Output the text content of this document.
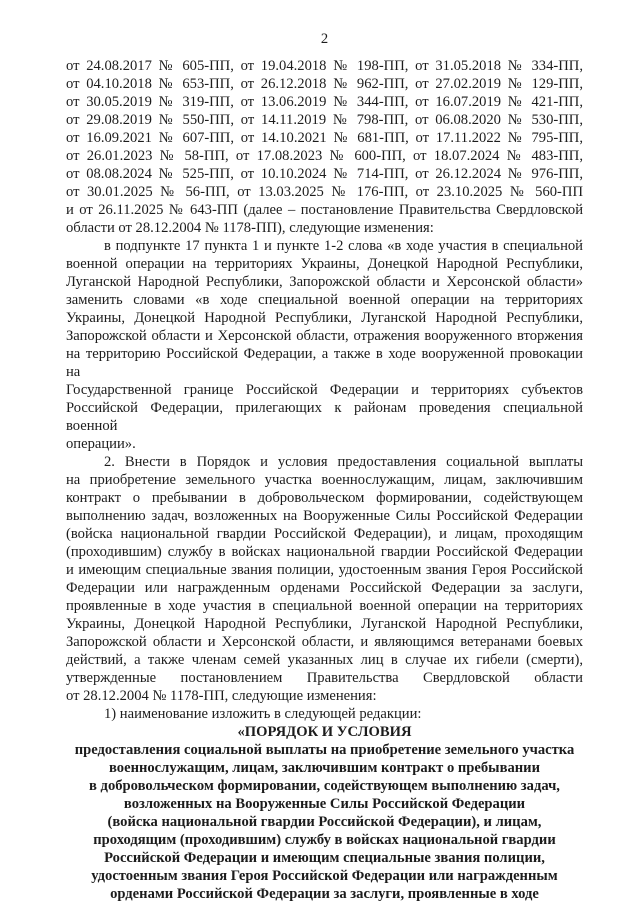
2
от 24.08.2017 № 605-ПП, от 19.04.2018 № 198-ПП, от 31.05.2018 № 334-ПП,
от 04.10.2018 № 653-ПП, от 26.12.2018 № 962-ПП, от 27.02.2019 № 129-ПП,
от 30.05.2019 № 319-ПП, от 13.06.2019 № 344-ПП, от 16.07.2019 № 421-ПП,
от 29.08.2019 № 550-ПП, от 14.11.2019 № 798-ПП, от 06.08.2020 № 530-ПП,
от 16.09.2021 № 607-ПП, от 14.10.2021 № 681-ПП, от 17.11.2022 № 795-ПП,
от 26.01.2023 № 58-ПП, от 17.08.2023 № 600-ПП, от 18.07.2024 № 483-ПП,
от 08.08.2024 № 525-ПП, от 10.10.2024 № 714-ПП, от 26.12.2024 № 976-ПП,
от 30.01.2025 № 56-ПП, от 13.03.2025 № 176-ПП, от 23.10.2025 № 560-ПП
и от 26.11.2025 № 643-ПП (далее – постановление Правительства Свердловской
области от 28.12.2004 № 1178-ПП), следующие изменения:
в подпункте 17 пункта 1 и пункте 1-2 слова «в ходе участия в специальной
военной операции на территориях Украины, Донецкой Народной Республики,
Луганской Народной Республики, Запорожской области и Херсонской области»
заменить словами «в ходе специальной военной операции на территориях
Украины, Донецкой Народной Республики, Луганской Народной Республики,
Запорожской области и Херсонской области, отражения вооруженного вторжения
на территорию Российской Федерации, а также в ходе вооруженной провокации на
Государственной границе Российской Федерации и территориях субъектов
Российской Федерации, прилегающих к районам проведения специальной военной
операции».
2. Внести в Порядок и условия предоставления социальной выплаты
на приобретение земельного участка военнослужащим, лицам, заключившим
контракт о пребывании в добровольческом формировании, содействующем
выполнению задач, возложенных на Вооруженные Силы Российской Федерации
(войска национальной гвардии Российской Федерации), и лицам, проходящим
(проходившим) службу в войсках национальной гвардии Российской Федерации
и имеющим специальные звания полиции, удостоенным звания Героя Российской
Федерации или награжденным орденами Российской Федерации за заслуги,
проявленные в ходе участия в специальной военной операции на территориях
Украины, Донецкой Народной Республики, Луганской Народной Республики,
Запорожской области и Херсонской области, и являющимся ветеранами боевых
действий, а также членам семей указанных лиц в случае их гибели (смерти),
утвержденные постановлением Правительства Свердловской области
от 28.12.2004 № 1178-ПП, следующие изменения:
1) наименование изложить в следующей редакции:
«ПОРЯДОК И УСЛОВИЯ
предоставления социальной выплаты на приобретение земельного участка
военнослужащим, лицам, заключившим контракт о пребывании
в добровольческом формировании, содействующем выполнению задач,
возложенных на Вооруженные Силы Российской Федерации
(войска национальной гвардии Российской Федерации), и лицам,
проходящим (проходившим) службу в войсках национальной гвардии
Российской Федерации и имеющим специальные звания полиции,
удостоенным звания Героя Российской Федерации или награжденным
орденами Российской Федерации за заслуги, проявленные в ходе
